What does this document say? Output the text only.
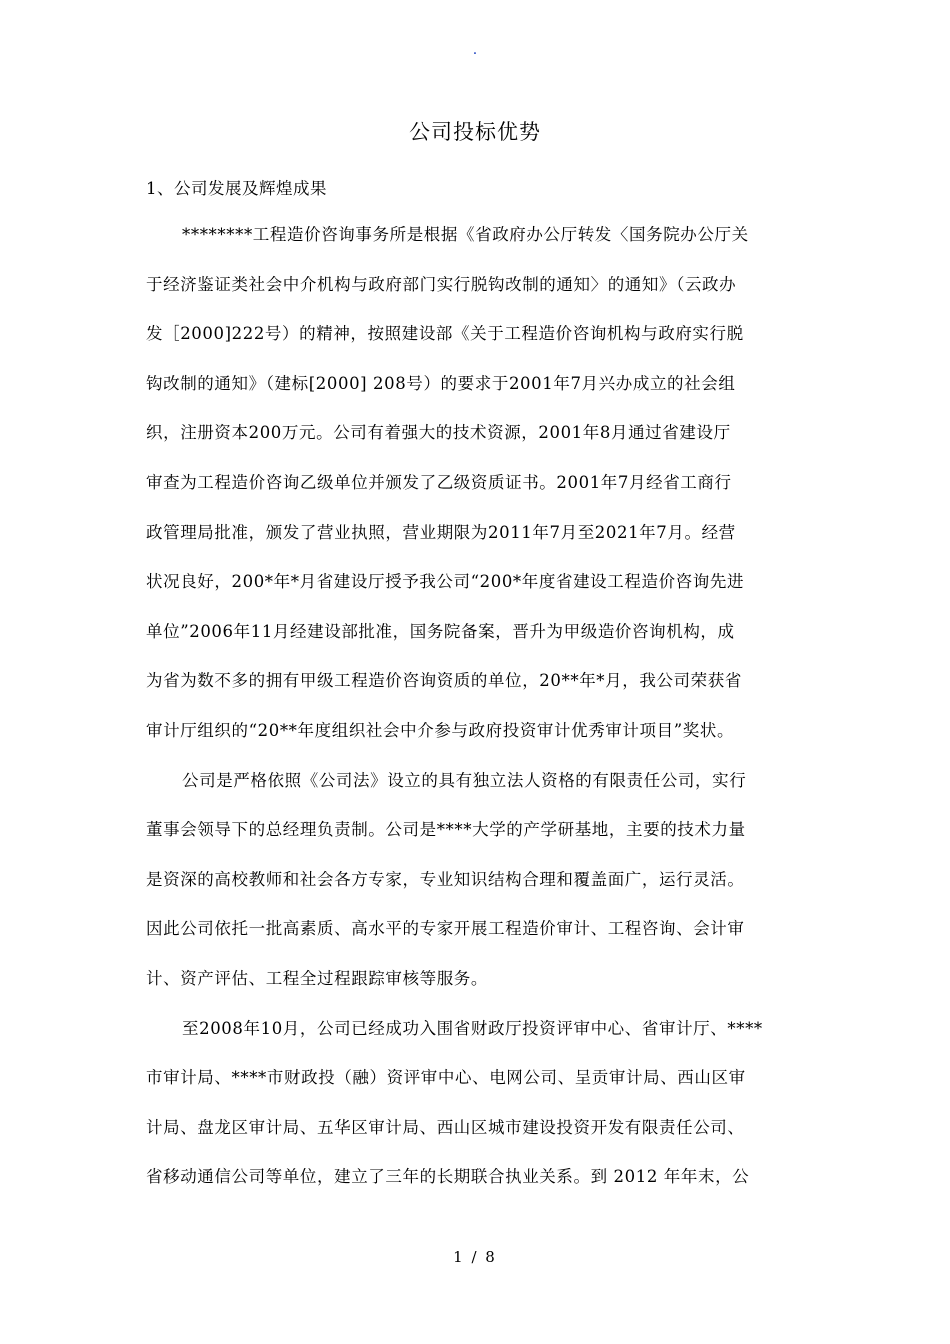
.
公司投标优势
1、公司发展及辉煌成果
********工程造价咨询事务所是根据《省政府办公厅转发〈国务院办公厅关
于经济鉴证类社会中介机构与政府部门实行脱钩改制的通知〉的通知》（云政办
发［2000]222号）的精神，按照建设部《关于工程造价咨询机构与政府实行脱
钩改制的通知》（建标[2000] 208号）的要求于2001年7月兴办成立的社会组
织，注册资本200万元。公司有着强大的技术资源，2001年8月通过省建设厅
审查为工程造价咨询乙级单位并颁发了乙级资质证书。2001年7月经省工商行
政管理局批准，颁发了营业执照，营业期限为2011年7月至2021年7月。经营
状况良好，200*年*月省建设厅授予我公司“200*年度省建设工程造价咨询先进
单位”2006年11月经建设部批准，国务院备案，晋升为甲级造价咨询机构，成
为省为数不多的拥有甲级工程造价咨询资质的单位，20**年*月，我公司荣获省
审计厅组织的“20**年度组织社会中介参与政府投资审计优秀审计项目”奖状。
公司是严格依照《公司法》设立的具有独立法人资格的有限责任公司，实行
董事会领导下的总经理负责制。公司是****大学的产学研基地，主要的技术力量
是资深的高校教师和社会各方专家，专业知识结构合理和覆盖面广，运行灵活。
因此公司依托一批高素质、高水平的专家开展工程造价审计、工程咨询、会计审
计、资产评估、工程全过程跟踪审核等服务。
至2008年10月，公司已经成功入围省财政厅投资评审中心、省审计厅、****
市审计局、****市财政投（融）资评审中心、电网公司、呈贡审计局、西山区审
计局、盘龙区审计局、五华区审计局、西山区城市建设投资开发有限责任公司、
省移动通信公司等单位，建立了三年的长期联合执业关系。到 2012 年年末，公
1 / 8
